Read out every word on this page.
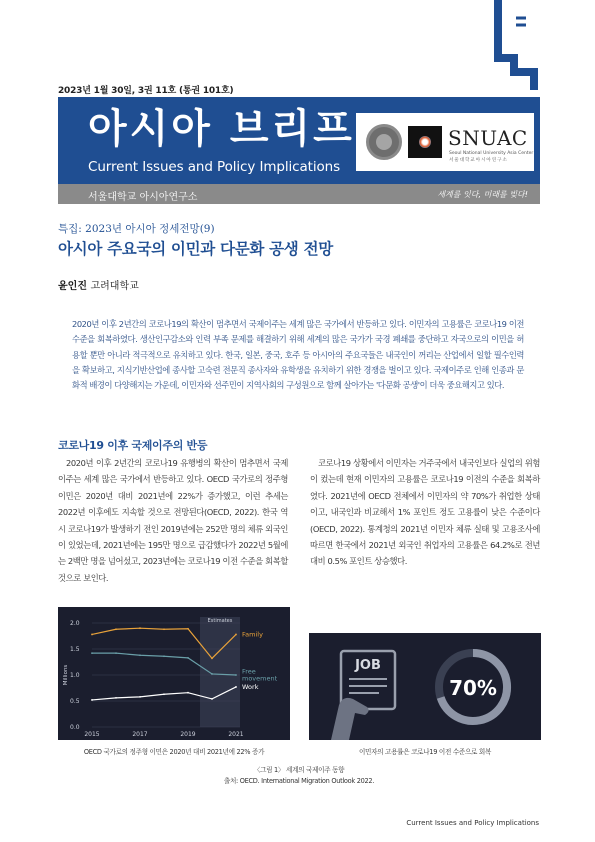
2023년 1월 30일, 3권 11호 (통권 101호)
아시아 브리프
Current Issues and Policy Implications
SNUAC
Seoul National University Asia Center
서울대학교아시아연구소
서울대학교 아시아연구소	세계를 잇다, 미래를 빚다!
특집: 2023년 아시아 정세전망(9)
아시아 주요국의 이민과 다문화 공생 전망
윤인진 고려대학교
2020년 이후 2년간의 코로나19의 확산이 멈추면서 국제이주는 세계 많은 국가에서 반등하고 있다. 이민자의 고용률은 코로나19 이전 수준을 회복하였다. 생산인구감소와 인력 부족 문제를 해결하기 위해 세계의 많은 국가가 국경 폐쇄를 중단하고 자국으로의 이민을 허용할 뿐만 아니라 적극적으로 유치하고 있다. 한국, 일본, 중국, 호주 등 아시아의 주요국들은 내국인이 꺼리는 산업에서 일할 필수인력을 확보하고, 지식기반산업에 종사할 고숙련 전문직 종사자와 유학생을 유치하기 위한 경쟁을 벌이고 있다. 국제이주로 인해 인종과 문화적 배경이 다양해지는 가운데, 이민자와 선주민이 지역사회의 구성원으로 함께 살아가는 '다문화 공생'이 더욱 중요해지고 있다.
코로나19 이후 국제이주의 반등

2020년 이후 2년간의 코로나19 유행병의 확산이 멈추면서 국제이주는 세계 많은 국가에서 반등하고 있다. OECD 국가로의 정주형 이민은 2020년 대비 2021년에 22%가 증가했고, 이런 추세는 2022년 이후에도 지속할 것으로 전망된다(OECD, 2022). 한국 역시 코로나19가 발생하기 전인 2019년에는 252만 명의 체류 외국인이 있었는데, 2021년에는 195만 명으로 급감했다가 2022년 5월에는 2백만 명을 넘어섰고, 2023년에는 코로나19 이전 수준을 회복할 것으로 보인다.

코로나19 상황에서 이민자는 거주국에서 내국인보다 실업의 위험이 컸는데 현재 이민자의 고용률은 코로나19 이전의 수준을 회복하였다. 2021년에 OECD 전체에서 이민자의 약 70%가 취업한 상태이고, 내국인과 비교해서 1% 포인트 정도 고용률이 낮은 수준이다(OECD, 2022). 통계청의 2021년 이민자 체류 실태 및 고용조사에 따르면 한국에서 2021년 외국인 취업자의 고용률은 64.2%로 전년 대비 0.5% 포인트 상승했다.

Estimates
Millions
0.0
0.5
1.0
1.5
2.0
2015	2017	2019	2021
Family
Free
movement
Work
JOB
70%
OECD 국가로의 정주형 이민은 2020년 대비 2021년에 22% 증가	이민자의 고용률은 코로나19 이전 수준으로 회복
〈그림 1〉 세계의 국제이주 동향
출처: OECD. International Migration Outlook 2022.
Current Issues and Policy Implications
